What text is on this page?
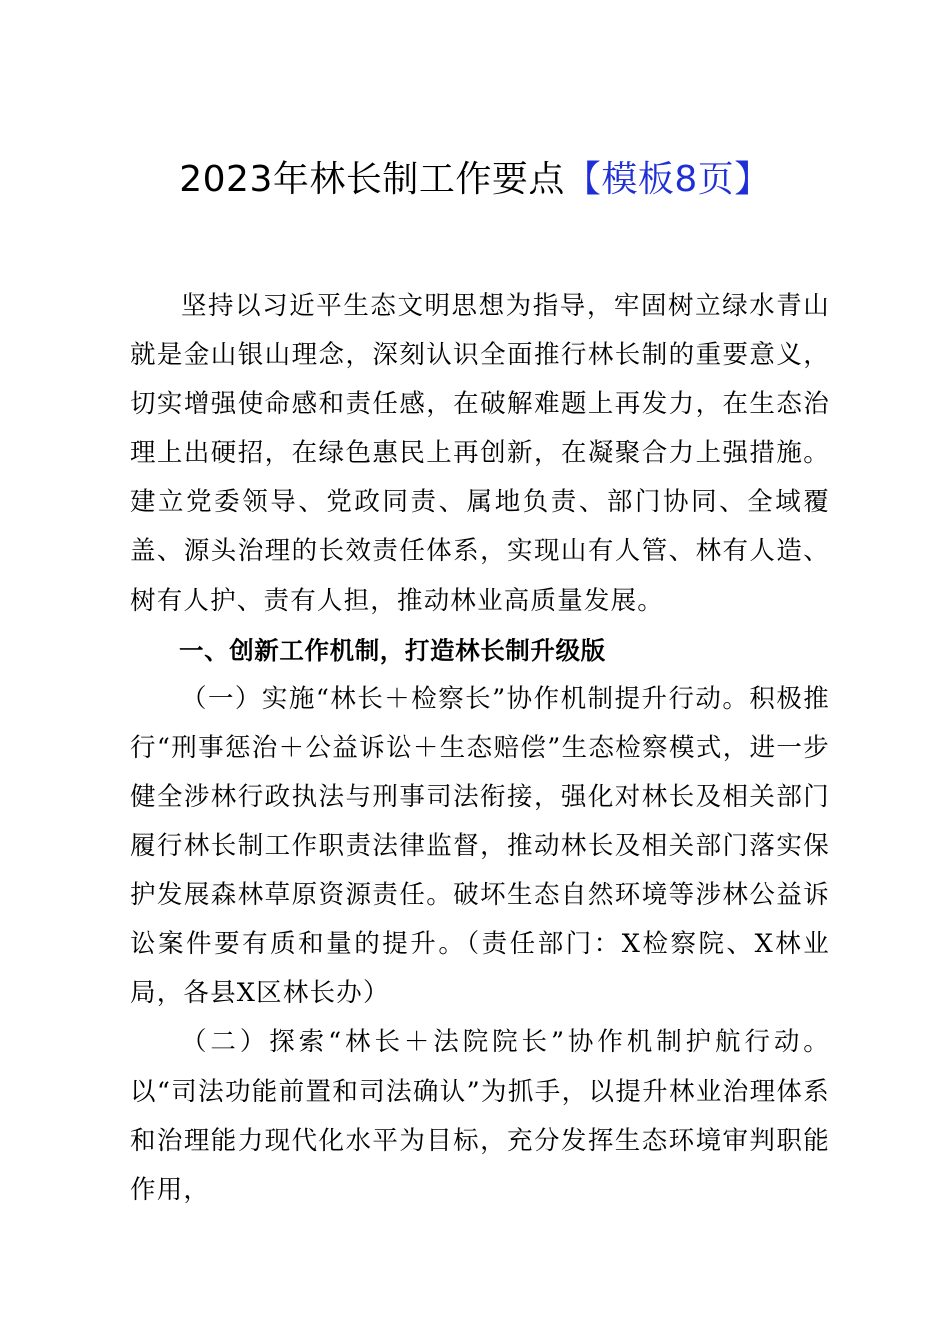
2023年林长制工作要点【模板8页】

坚持以习近平生态文明思想为指导，牢固树立绿水青山就是金山银山理念，深刻认识全面推行林长制的重要意义，切实增强使命感和责任感，在破解难题上再发力，在生态治理上出硬招，在绿色惠民上再创新，在凝聚合力上强措施。建立党委领导、党政同责、属地负责、部门协同、全域覆盖、源头治理的长效责任体系，实现山有人管、林有人造、树有人护、责有人担，推动林业高质量发展。

一、创新工作机制，打造林长制升级版

（一）实施“林长＋检察长”协作机制提升行动。积极推行“刑事惩治＋公益诉讼＋生态赔偿”生态检察模式，进一步健全涉林行政执法与刑事司法衔接，强化对林长及相关部门履行林长制工作职责法律监督，推动林长及相关部门落实保护发展森林草原资源责任。破坏生态自然环境等涉林公益诉讼案件要有质和量的提升。（责任部门：X检察院、X林业局，各县X区林长办）

（二）探索“林长＋法院院长”协作机制护航行动。以“司法功能前置和司法确认”为抓手，以提升林业治理体系和治理能力现代化水平为目标，充分发挥生态环境审判职能作用，
